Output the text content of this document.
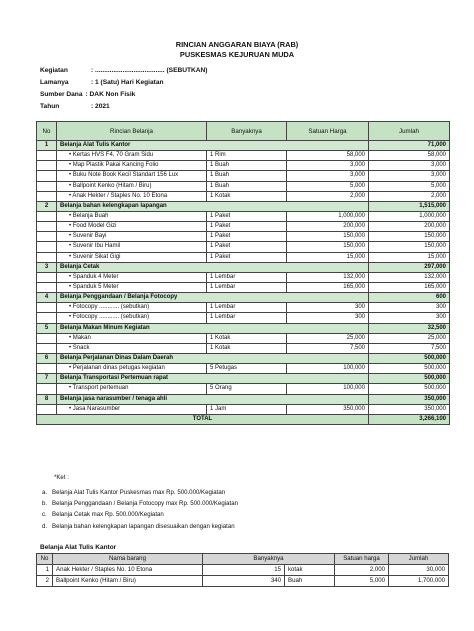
RINCIAN ANGGARAN BIAYA (RAB)
PUSKESMAS KEJURUAN MUDA
Kegiatan	: ...................................... (SEBUTKAN)
Lamanya	: 1 (Satu) Hari Kegiatan
Sumber Dana : DAK Non Fisik
Tahun	: 2021
No	Rincian Belanja	Banyaknya	Satuan Harga	Jumlah
1	Belanja Alat Tulis Kantor			71,000
	• Kertas HVS F4, 70 Gram Sidu	1 Rim	58,000	58,000
	• Map Plastik Pakai Kancing Folio	1 Buah	3,000	3,000
	• Buku Note Book Kecil Standart 156 Lux	1 Buah	3,000	3,000
	• Ballpoint Kenko (Hitam / Biru)	1 Buah	5,000	5,000
	• Anak Hekter / Staples No. 10 Etona	1 Kotak	2,000	2,000
2	Belanja bahan kelengkapan lapangan			1,515,000
	• Belanja Buah	1 Paket	1,000,000	1,000,000
	• Food Model Gizi	1 Paket	200,000	200,000
	• Suvenir Bayi	1 Paket	150,000	150,000
	• Suvenir Ibu Hamil	1 Paket	150,000	150,000
	• Suvenir Sikat Gigi	1 Paket	15,000	15,000
3	Belanja Cetak			297,000
	• Spanduk 4 Meter	1 Lembar	132,000	132,000
	• Spanduk 5 Meter	1 Lembar	165,000	165,000
4	Belanja Penggandaan / Belanja Fotocopy			600
	• Fotocopy ............ (sebutkan)	1 Lembar	300	300
	• Fotocopy ............ (sebutkan)	1 Lembar	300	300
5	Belanja Makan Minum Kegiatan			32,500
	• Makan	1 Kotak	25,000	25,000
	• Snack	1 Kotak	7,500	7,500
6	Belanja Perjalanan Dinas Dalam Daerah			500,000
	• Perjalanan dinas petugas kegiatan	5 Petugas	100,000	500,000
7	Belanja Transportasi Pertemuan rapat			500,000
	• Transport pertemuan	5 Orang	100,000	500,000
8	Belanja jasa narasumber / tenaga ahli			350,000
	• Jasa Narasumber	1 Jam	350,000	350,000
TOTAL				3,266,100
*Ket :
a. Belanja Alat Tulis Kantor Puskesmas max Rp. 500.000/Kegiatan
b. Belanja Penggandaan / Belanja Fotocopy max Rp. 500.000/Kegiatan
c. Belanja Cetak max Rp. 500.000/Kegiatan
d. Belanja bahan kelengkapan lapangan disesuaikan dengan kegiatan
Belanja Alat Tulis Kantor
No	Nama barang	Banyaknya		Satuan harga	Jumlah
1	Anak Hekter / Staples No. 10 Etona	15	kotak	2,000	30,000
2	Ballpoint Kenko (Hitam / Biru)	340	Buah	5,000	1,700,000
